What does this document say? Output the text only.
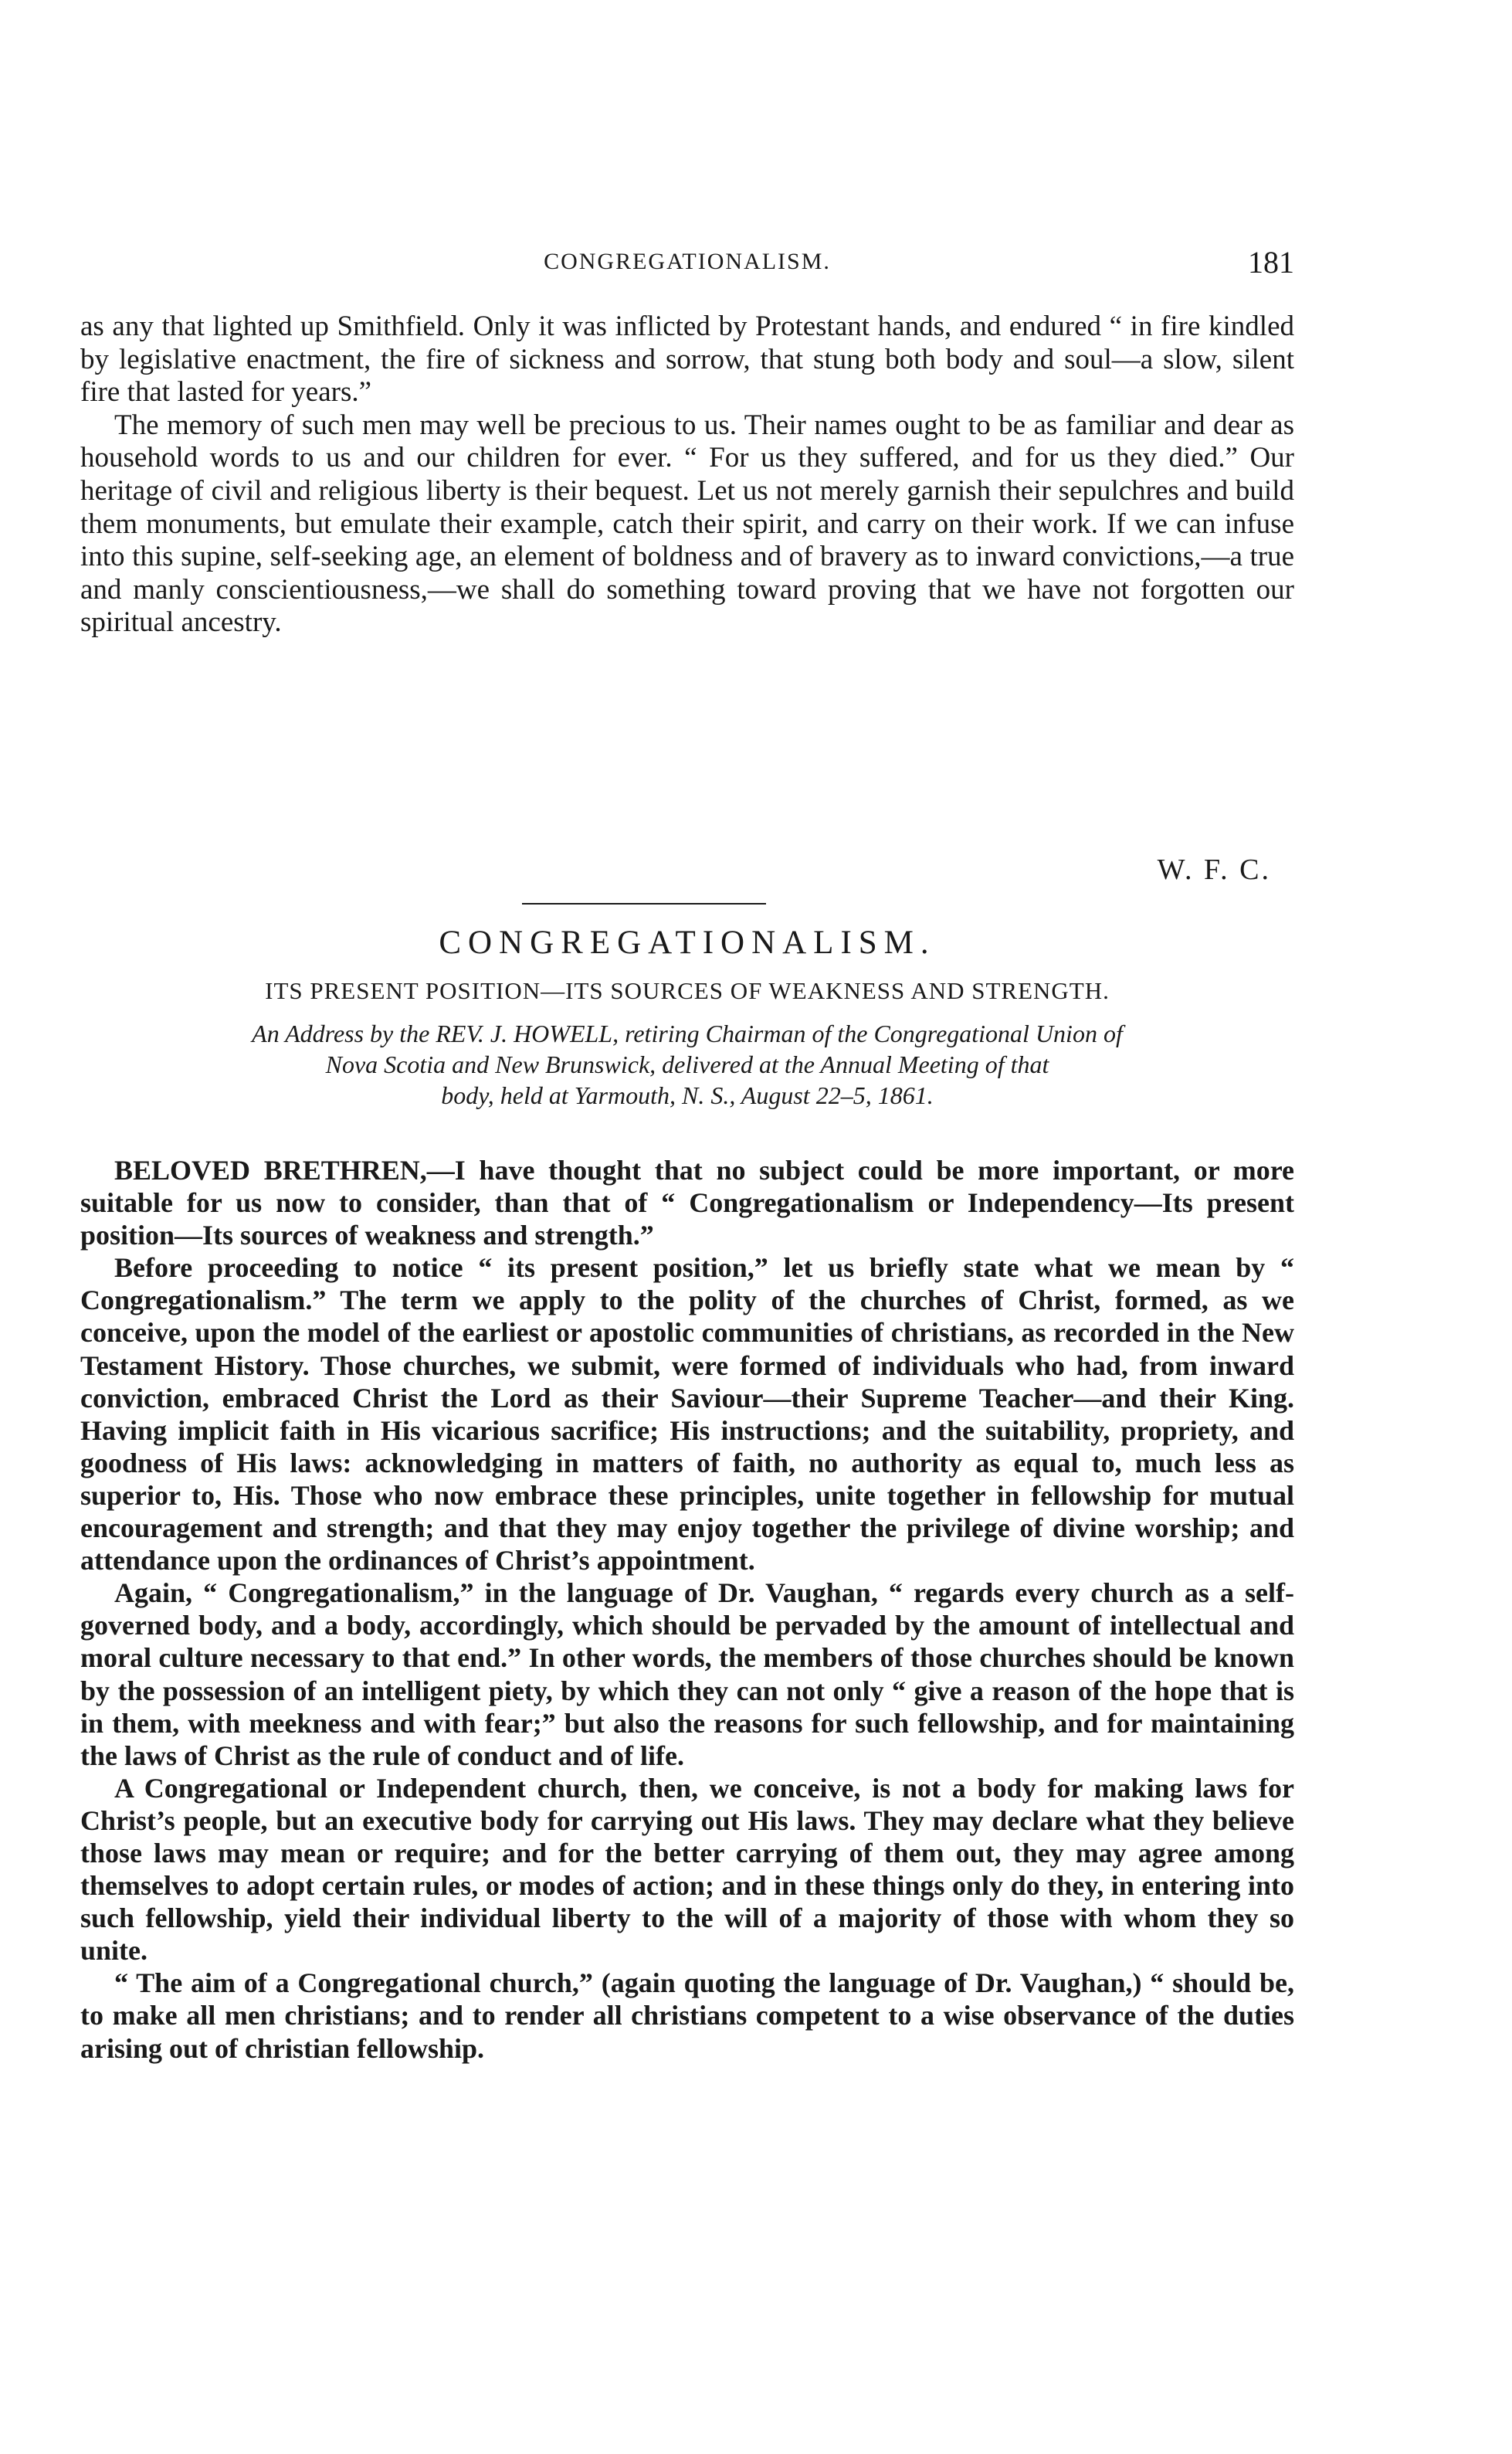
CONGREGATIONALISM.	181

as any that lighted up Smithfield. Only it was inflicted by Protestant hands, and endured “ in fire kindled by legislative enactment, the fire of sickness and sorrow, that stung both body and soul—a slow, silent fire that lasted for years.”

The memory of such men may well be precious to us. Their names ought to be as familiar and dear as household words to us and our children for ever. “ For us they suffered, and for us they died.” Our heritage of civil and religious liberty is their bequest. Let us not merely garnish their sepulchres and build them monuments, but emulate their example, catch their spirit, and carry on their work. If we can infuse into this supine, self-seeking age, an element of boldness and of bravery as to inward convictions,—a true and manly conscientiousness,—we shall do something toward proving that we have not forgotten our spiritual ancestry.

W. F. C.
CONGREGATIONALISM.
ITS PRESENT POSITION—ITS SOURCES OF WEAKNESS AND STRENGTH.
An Address by the REV. J. HOWELL, retiring Chairman of the Congregational Union of
Nova Scotia and New Brunswick, delivered at the Annual Meeting of that
body, held at Yarmouth, N. S., August 22–5, 1861.

BELOVED BRETHREN,—I have thought that no subject could be more important, or more suitable for us now to consider, than that of “ Congregationalism or Independency—Its present position—Its sources of weakness and strength.”

Before proceeding to notice “ its present position,” let us briefly state what we mean by “ Congregationalism.” The term we apply to the polity of the churches of Christ, formed, as we conceive, upon the model of the earliest or apostolic communities of christians, as recorded in the New Testament History. Those churches, we submit, were formed of individuals who had, from inward conviction, embraced Christ the Lord as their Saviour—their Supreme Teacher—and their King. Having implicit faith in His vicarious sacrifice; His instructions; and the suitability, propriety, and goodness of His laws: acknowledging in matters of faith, no authority as equal to, much less as superior to, His. Those who now embrace these principles, unite together in fellowship for mutual encouragement and strength; and that they may enjoy together the privilege of divine worship; and attendance upon the ordinances of Christ’s appointment.

Again, “ Congregationalism,” in the language of Dr. Vaughan, “ regards every church as a self-governed body, and a body, accordingly, which should be pervaded by the amount of intellectual and moral culture necessary to that end.” In other words, the members of those churches should be known by the possession of an intelligent piety, by which they can not only “ give a reason of the hope that is in them, with meekness and with fear;” but also the reasons for such fellowship, and for maintaining the laws of Christ as the rule of conduct and of life.

A Congregational or Independent church, then, we conceive, is not a body for making laws for Christ’s people, but an executive body for carrying out His laws. They may declare what they believe those laws may mean or require; and for the better carrying of them out, they may agree among themselves to adopt certain rules, or modes of action; and in these things only do they, in entering into such fellowship, yield their individual liberty to the will of a majority of those with whom they so unite.

“ The aim of a Congregational church,” (again quoting the language of Dr. Vaughan,) “ should be, to make all men christians; and to render all christians competent to a wise observance of the duties arising out of christian fellowship.
